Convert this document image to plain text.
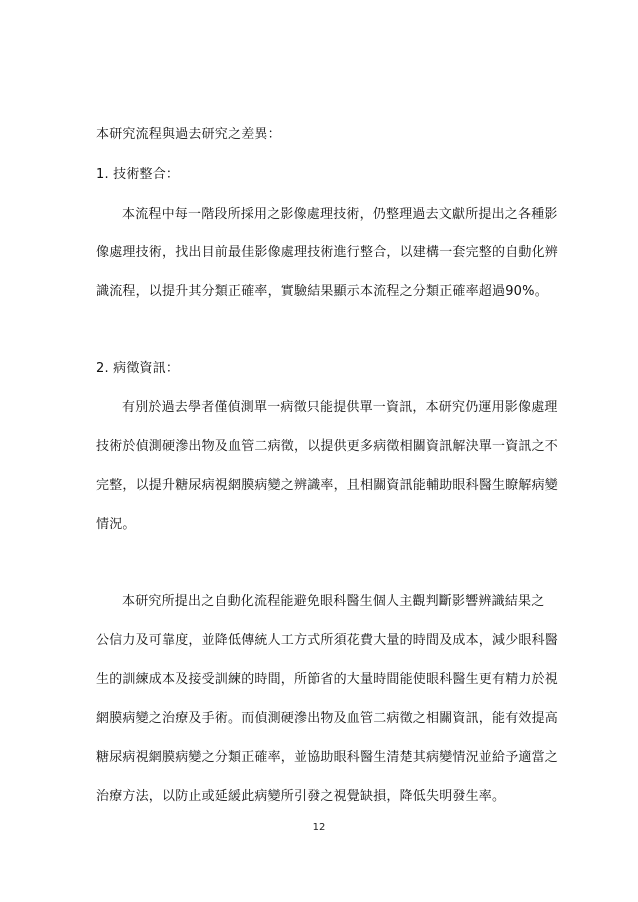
本研究流程與過去研究之差異：
1. 技術整合：
本流程中每一階段所採用之影像處理技術，仍整理過去文獻所提出之各種影
像處理技術，找出目前最佳影像處理技術進行整合，以建構一套完整的自動化辨
識流程，以提升其分類正確率，實驗結果顯示本流程之分類正確率超過90%。
2. 病徵資訊：
有別於過去學者僅偵測單一病徵只能提供單一資訊，本研究仍運用影像處理
技術於偵測硬滲出物及血管二病徵，以提供更多病徵相關資訊解決單一資訊之不
完整，以提升糖尿病視網膜病變之辨識率，且相關資訊能輔助眼科醫生瞭解病變
情況。
本研究所提出之自動化流程能避免眼科醫生個人主觀判斷影響辨識結果之
公信力及可靠度，並降低傳統人工方式所須花費大量的時間及成本，減少眼科醫
生的訓練成本及接受訓練的時間，所節省的大量時間能使眼科醫生更有精力於視
網膜病變之治療及手術。而偵測硬滲出物及血管二病徵之相關資訊，能有效提高
糖尿病視網膜病變之分類正確率，並協助眼科醫生清楚其病變情況並給予適當之
治療方法，以防止或延緩此病變所引發之視覺缺損，降低失明發生率。
12
